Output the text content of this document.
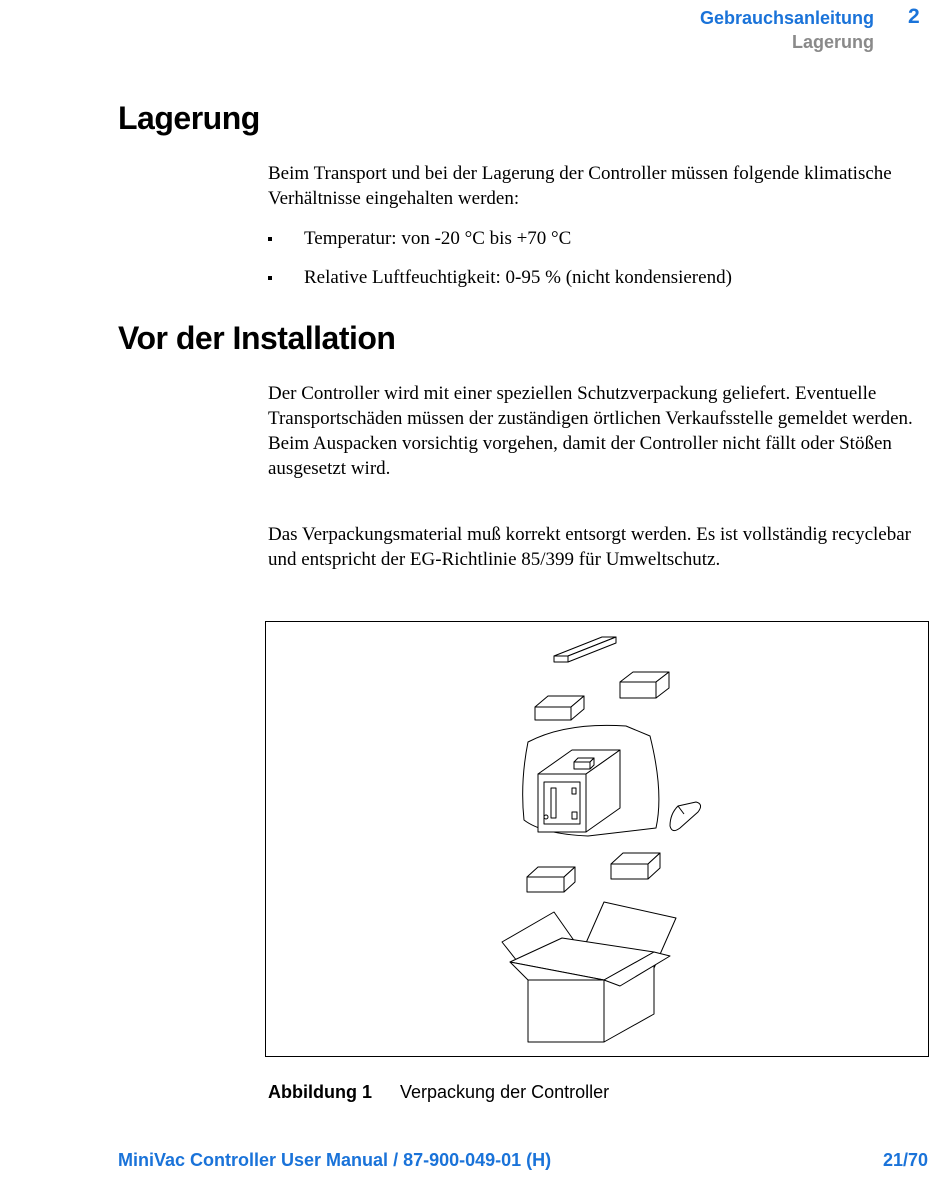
Gebrauchsanleitung
Lagerung
2
Lagerung

Beim Transport und bei der Lagerung der Controller müssen folgende klimatische Verhältnisse eingehalten werden:

Temperatur: von -20 °C bis +70 °C
Relative Luftfeuchtigkeit: 0-95 % (nicht kondensierend)
Vor der Installation

Der Controller wird mit einer speziellen Schutzverpackung geliefert. Eventuelle Transportschäden müssen der zuständigen örtlichen Verkaufsstelle gemeldet werden. Beim Auspacken vorsichtig vorgehen, damit der Controller nicht fällt oder Stößen ausgesetzt wird.

Das Verpackungsmaterial muß korrekt entsorgt werden. Es ist vollständig recyclebar und entspricht der EG-Richtlinie 85/399 für Umweltschutz.

Abbildung 1 Verpackung der Controller
MiniVac Controller User Manual / 87-900-049-01 (H)	21/70
